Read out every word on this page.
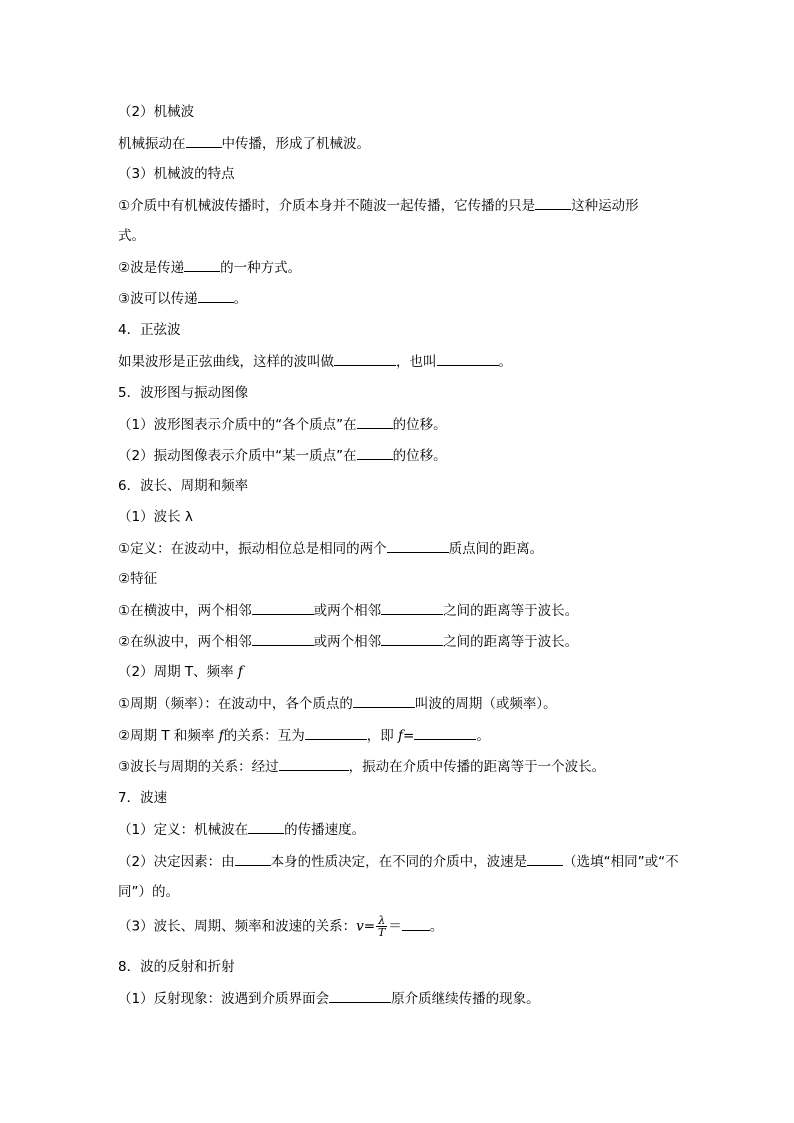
（2）机械波
机械振动在	中传播，形成了机械波。
（3）机械波的特点
①介质中有机械波传播时，介质本身并不随波一起传播，它传播的只是	这种运动形
式。
②波是传递	的一种方式。
③波可以传递	。
4．正弦波
如果波形是正弦曲线，这样的波叫做	，也叫	。
5．波形图与振动图像
（1）波形图表示介质中的“各个质点”在	的位移。
（2）振动图像表示介质中“某一质点”在	的位移。
6．波长、周期和频率
（1）波长 λ
①定义：在波动中，振动相位总是相同的两个	质点间的距离。
②特征
①在横波中，两个相邻	或两个相邻	之间的距离等于波长。
②在纵波中，两个相邻	或两个相邻	之间的距离等于波长。
（2）周期 T、频率 f
①周期（频率）：在波动中，各个质点的	叫波的周期（或频率）。
②周期 T 和频率 f的关系：互为	，即 f=	。
③波长与周期的关系：经过	，振动在介质中传播的距离等于一个波长。
7．波速
（1）定义：机械波在	的传播速度。
（2）决定因素：由	本身的性质决定，在不同的介质中，波速是	（选填“相同”或“不
同”）的。
（3）波长、周期、频率和波速的关系：$v= \frac{\lambda}{T}$ ＝ 。
8．波的反射和折射
（1）反射现象：波遇到介质界面会	原介质继续传播的现象。
